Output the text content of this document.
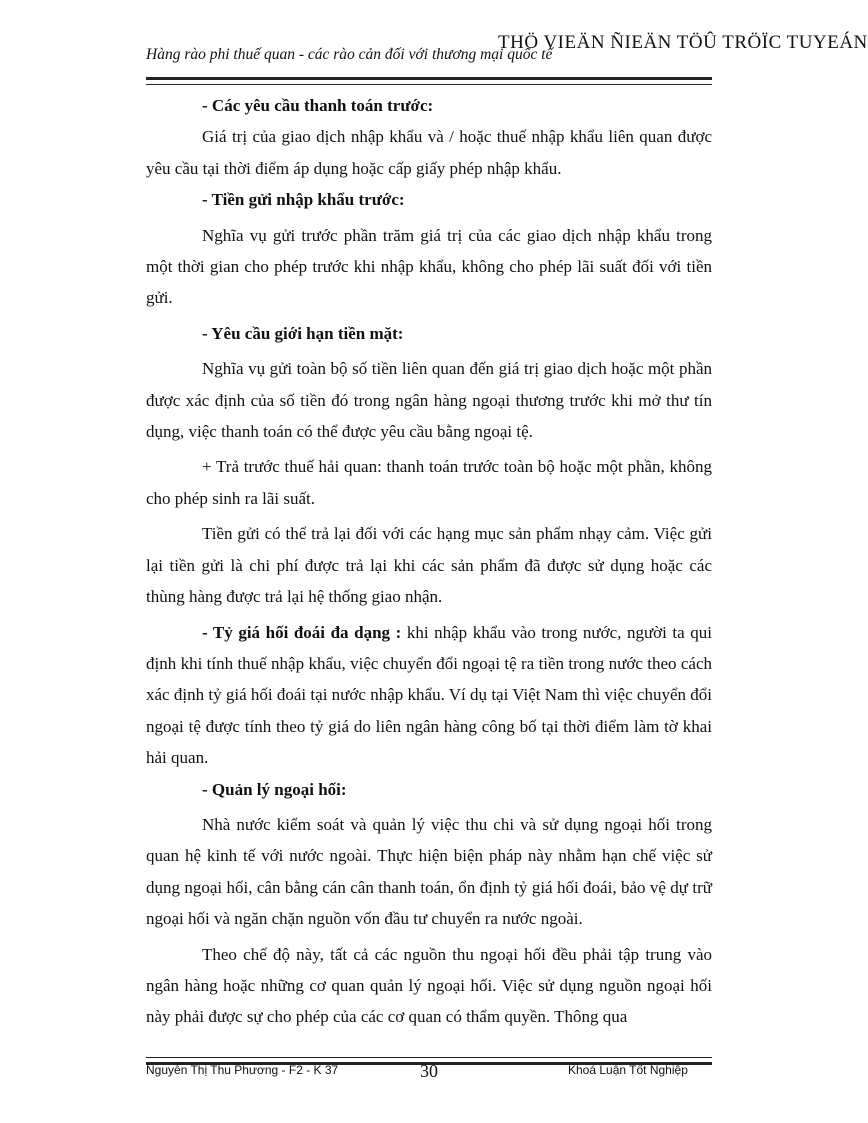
THÖ VIEÄN ÑIEÄN TÖÛ TRÖÏC TUYEÁN
Hàng rào phi thuế quan - các rào cản đối với thương mại quốc tế

- Các yêu cầu thanh toán trước:

Giá trị của giao dịch nhập khẩu và / hoặc thuế nhập khẩu liên quan được yêu cầu tại thời điểm áp dụng hoặc cấp giấy phép nhập khẩu.

- Tiền gửi nhập khẩu trước:

Nghĩa vụ gửi trước phần trăm giá trị của các giao dịch nhập khẩu trong một thời gian cho phép trước khi nhập khẩu, không cho phép lãi suất đối với tiền gửi.

- Yêu cầu giới hạn tiền mặt:

Nghĩa vụ gửi toàn bộ số tiền liên quan đến giá trị giao dịch hoặc một phần được xác định của số tiền đó trong ngân hàng ngoại thương trước khi mở thư tín dụng, việc thanh toán có thể được yêu cầu bằng ngoại tệ.

+ Trả trước thuế hải quan: thanh toán trước toàn bộ hoặc một phần, không cho phép sinh ra lãi suất.

Tiền gửi có thể trả lại đối với các hạng mục sản phẩm nhạy cảm. Việc gửi lại tiền gửi là chi phí được trả lại khi các sản phẩm đã được sử dụng hoặc các thùng hàng được trả lại hệ thống giao nhận.

- Tỷ giá hối đoái đa dạng : khi nhập khẩu vào trong nước, người ta qui định khi tính thuế nhập khẩu, việc chuyển đổi ngoại tệ ra tiền trong nước theo cách xác định tỷ giá hối đoái tại nước nhập khẩu. Ví dụ tại Việt Nam thì việc chuyển đổi ngoại tệ được tính theo tỷ giá do liên ngân hàng công bố tại thời điểm làm tờ khai hải quan.

- Quản lý ngoại hối:

Nhà nước kiểm soát và quản lý việc thu chi và sử dụng ngoại hối trong quan hệ kinh tế với nước ngoài. Thực hiện biện pháp này nhằm hạn chế việc sử dụng ngoại hối, cân bằng cán cân thanh toán, ổn định tỷ giá hối đoái, bảo vệ dự trữ ngoại hối và ngăn chặn nguồn vốn đầu tư chuyển ra nước ngoài.

Theo chế độ này, tất cả các nguồn thu ngoại hối đều phải tập trung vào ngân hàng hoặc những cơ quan quản lý ngoại hối. Việc sử dụng nguồn ngoại hối này phải được sự cho phép của các cơ quan có thẩm quyền. Thông qua

Nguyễn Thị Thu Phương - F2 - K 37	30	Khoá Luận Tốt Nghiệp
